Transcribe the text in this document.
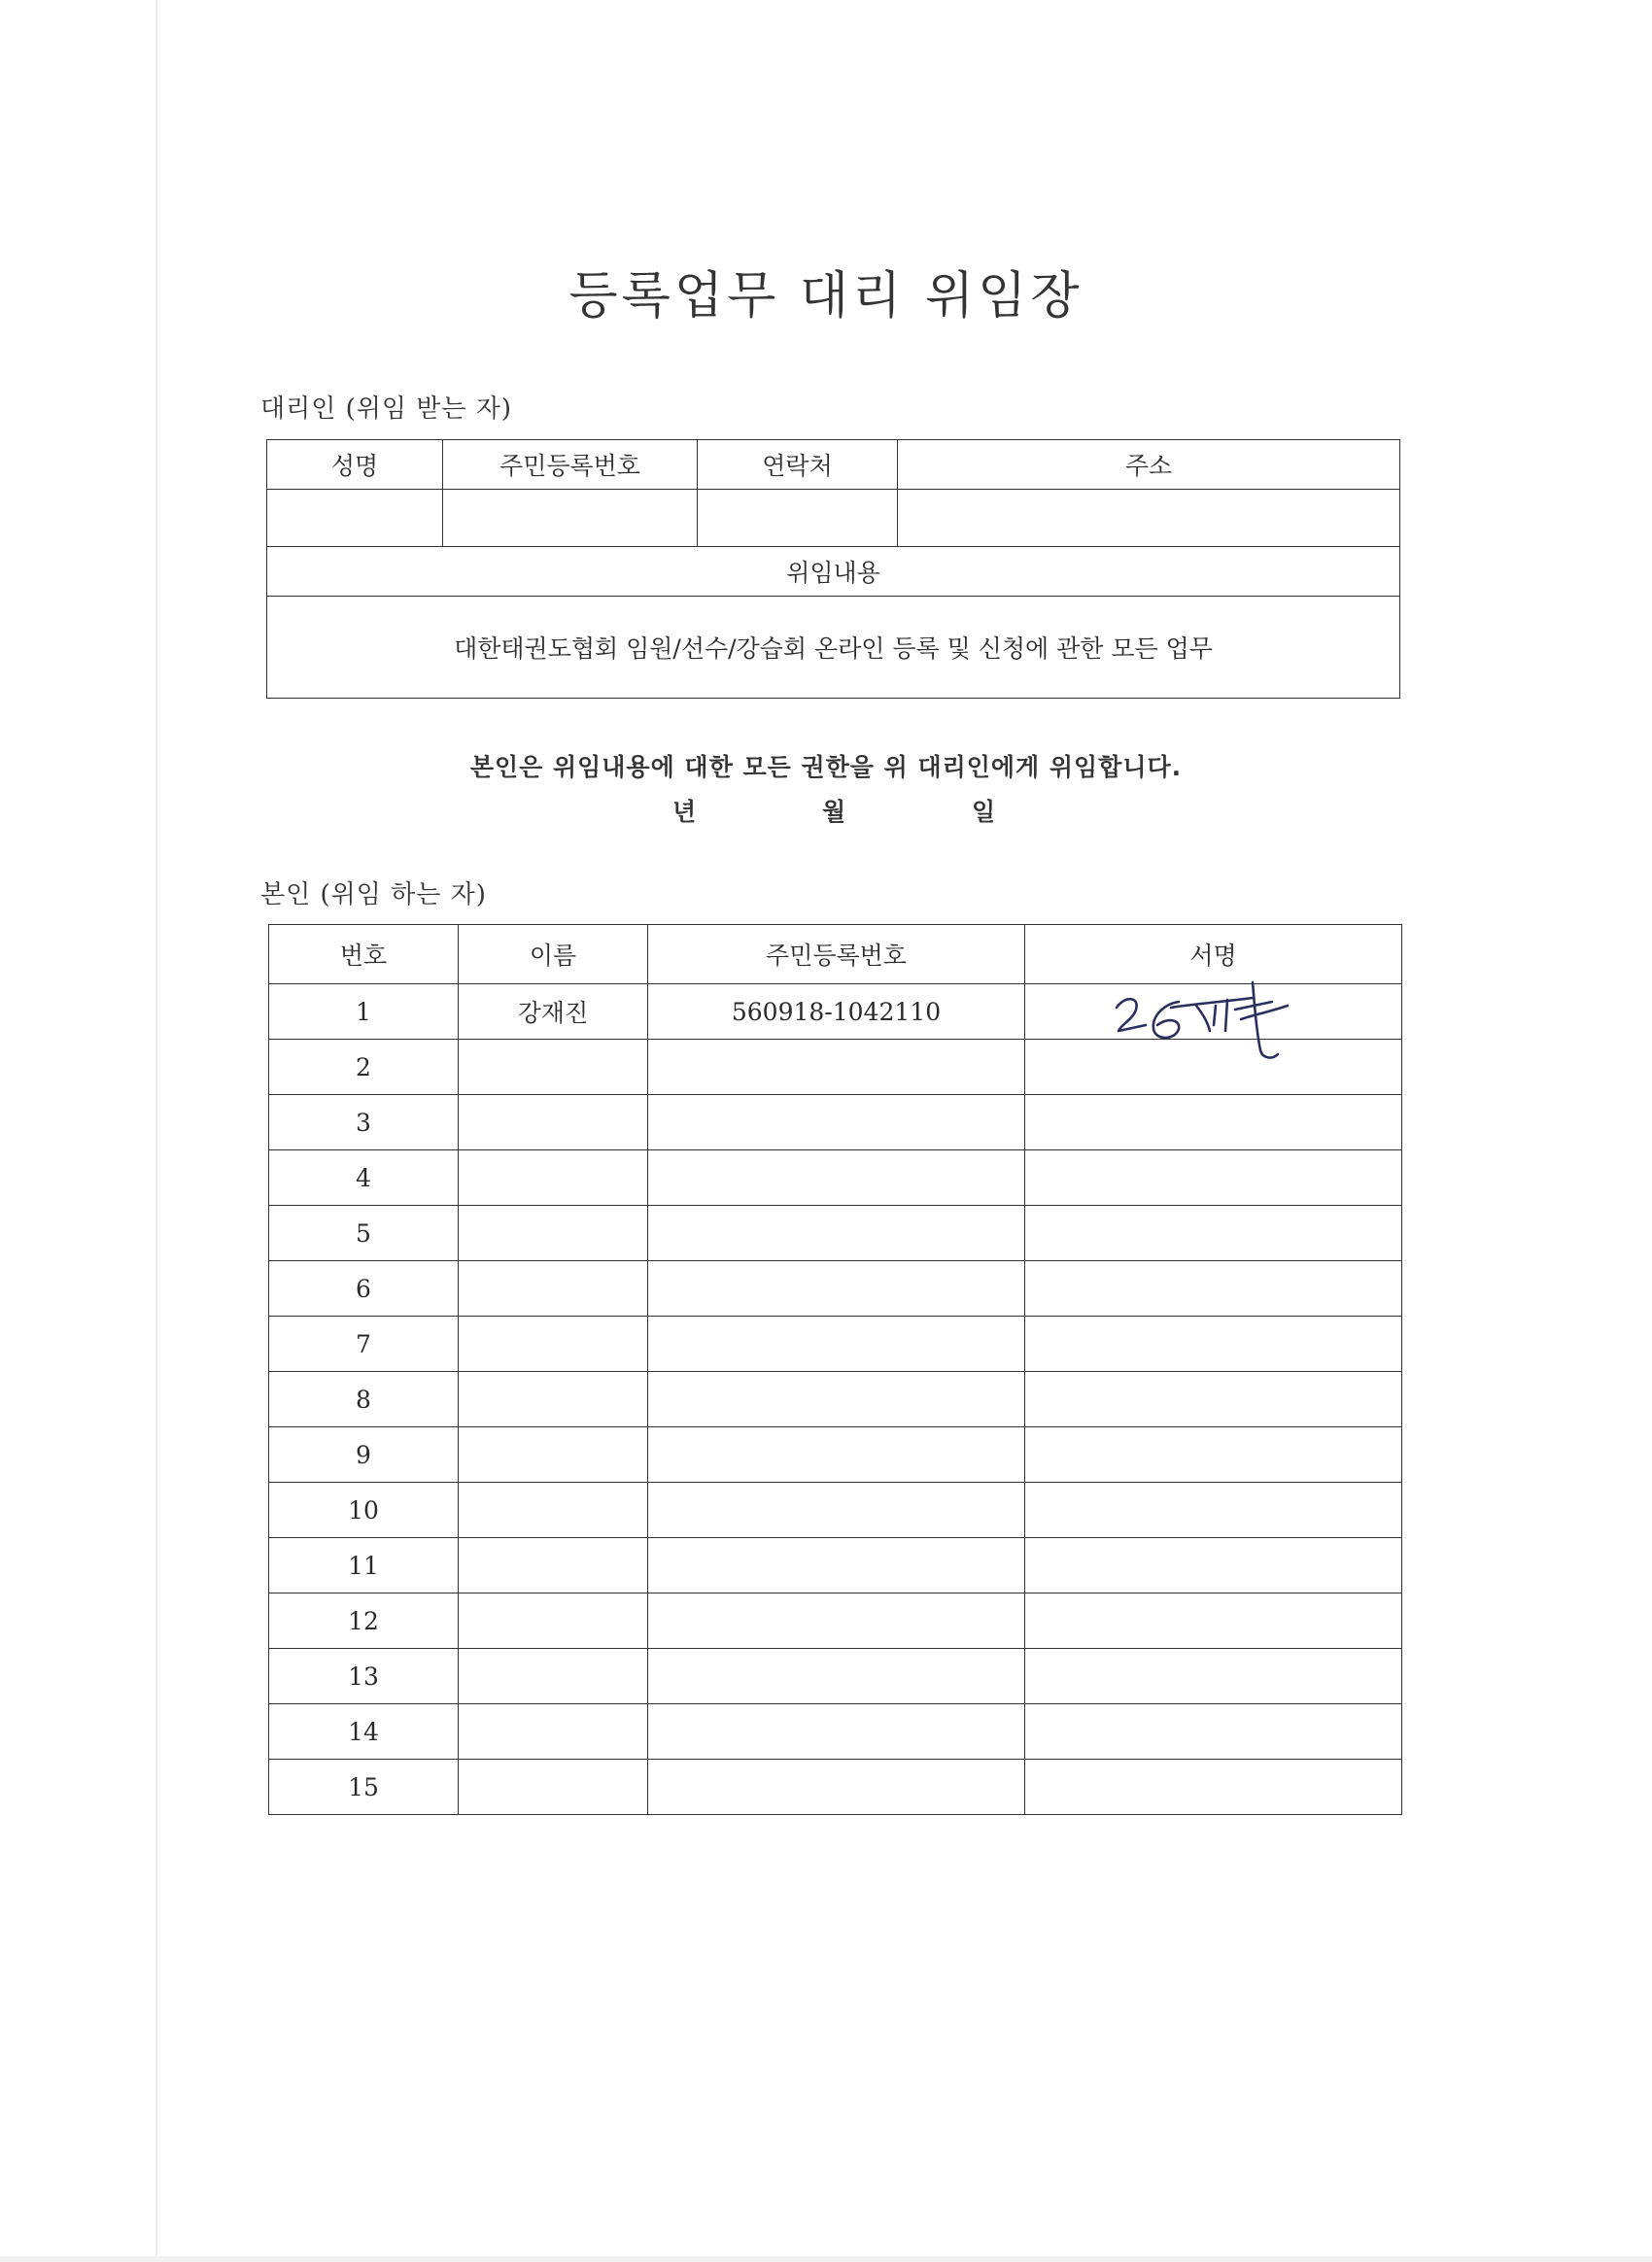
등록업무 대리 위임장
대리인 (위임 받는 자)
성명	주민등록번호	연락처	주소

위임내용			
대한태권도협회 임원/선수/강습회 온라인 등록 및 신청에 관한 모든 업무			
본인은 위임내용에 대한 모든 권한을 위 대리인에게 위임합니다.
년	월	일
본인 (위임 하는 자)
번호	이름	주민등록번호	서명
1	강재진	560918-1042110	

2			
3			
4			
5			
6			
7			
8			
9			
10			
11			
12			
13			
14			
15			
